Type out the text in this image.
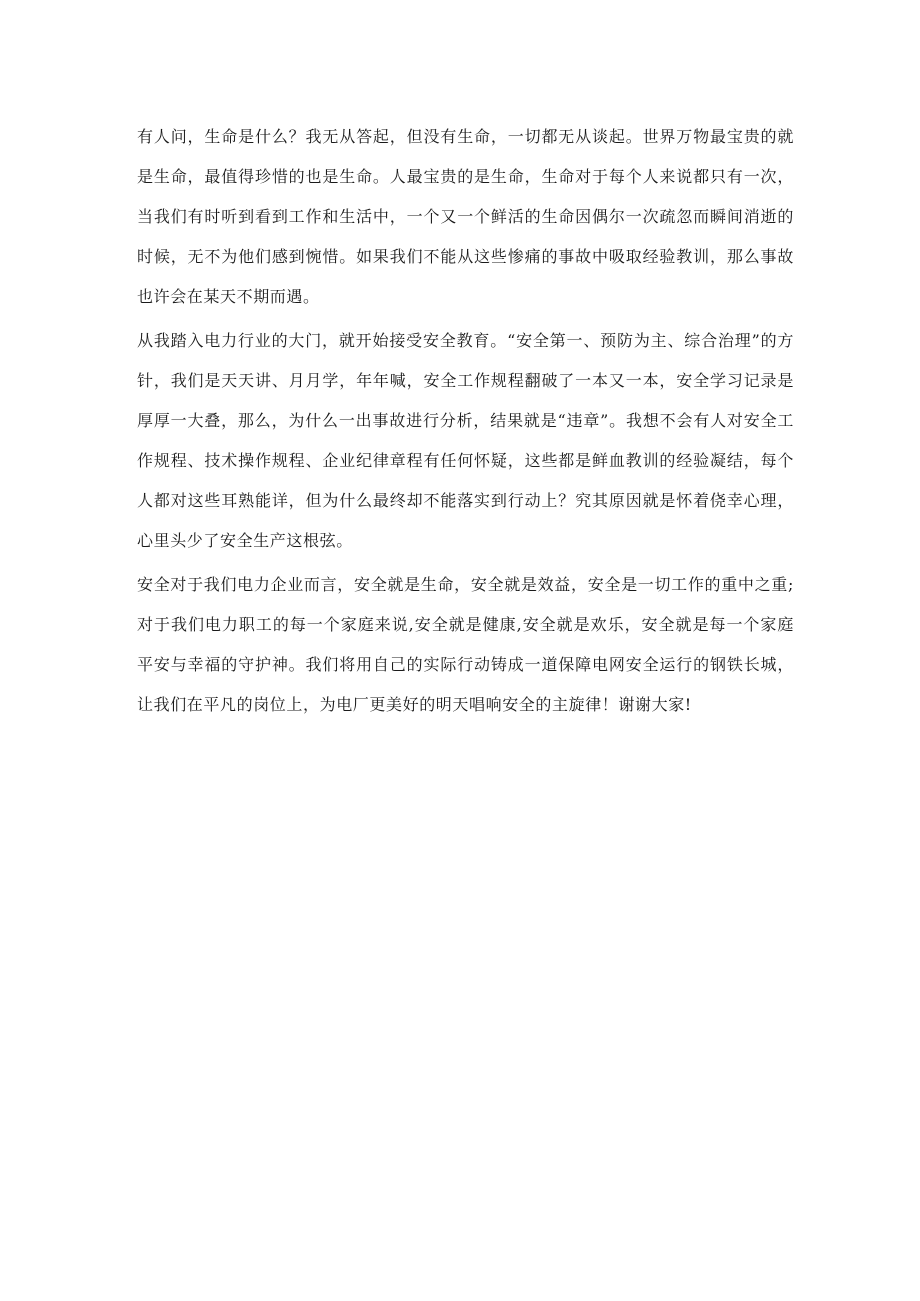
有人问，生命是什么？我无从答起，但没有生命，一切都无从谈起。世界万物最宝贵的就是生命，最值得珍惜的也是生命。人最宝贵的是生命，生命对于每个人来说都只有一次，当我们有时听到看到工作和生活中，一个又一个鲜活的生命因偶尔一次疏忽而瞬间消逝的时候，无不为他们感到惋惜。如果我们不能从这些惨痛的事故中吸取经验教训，那么事故也许会在某天不期而遇。

从我踏入电力行业的大门，就开始接受安全教育。“安全第一、预防为主、综合治理”的方针，我们是天天讲、月月学，年年喊，安全工作规程翻破了一本又一本，安全学习记录是厚厚一大叠，那么，为什么一出事故进行分析，结果就是“违章”。我想不会有人对安全工作规程、技术操作规程、企业纪律章程有任何怀疑，这些都是鲜血教训的经验凝结，每个人都对这些耳熟能详，但为什么最终却不能落实到行动上？究其原因就是怀着侥幸心理，心里头少了安全生产这根弦。

安全对于我们电力企业而言，安全就是生命，安全就是效益，安全是一切工作的重中之重;对于我们电力职工的每一个家庭来说,安全就是健康,安全就是欢乐，安全就是每一个家庭平安与幸福的守护神。我们将用自己的实际行动铸成一道保障电网安全运行的钢铁长城，让我们在平凡的岗位上，为电厂更美好的明天唱响安全的主旋律！谢谢大家!
